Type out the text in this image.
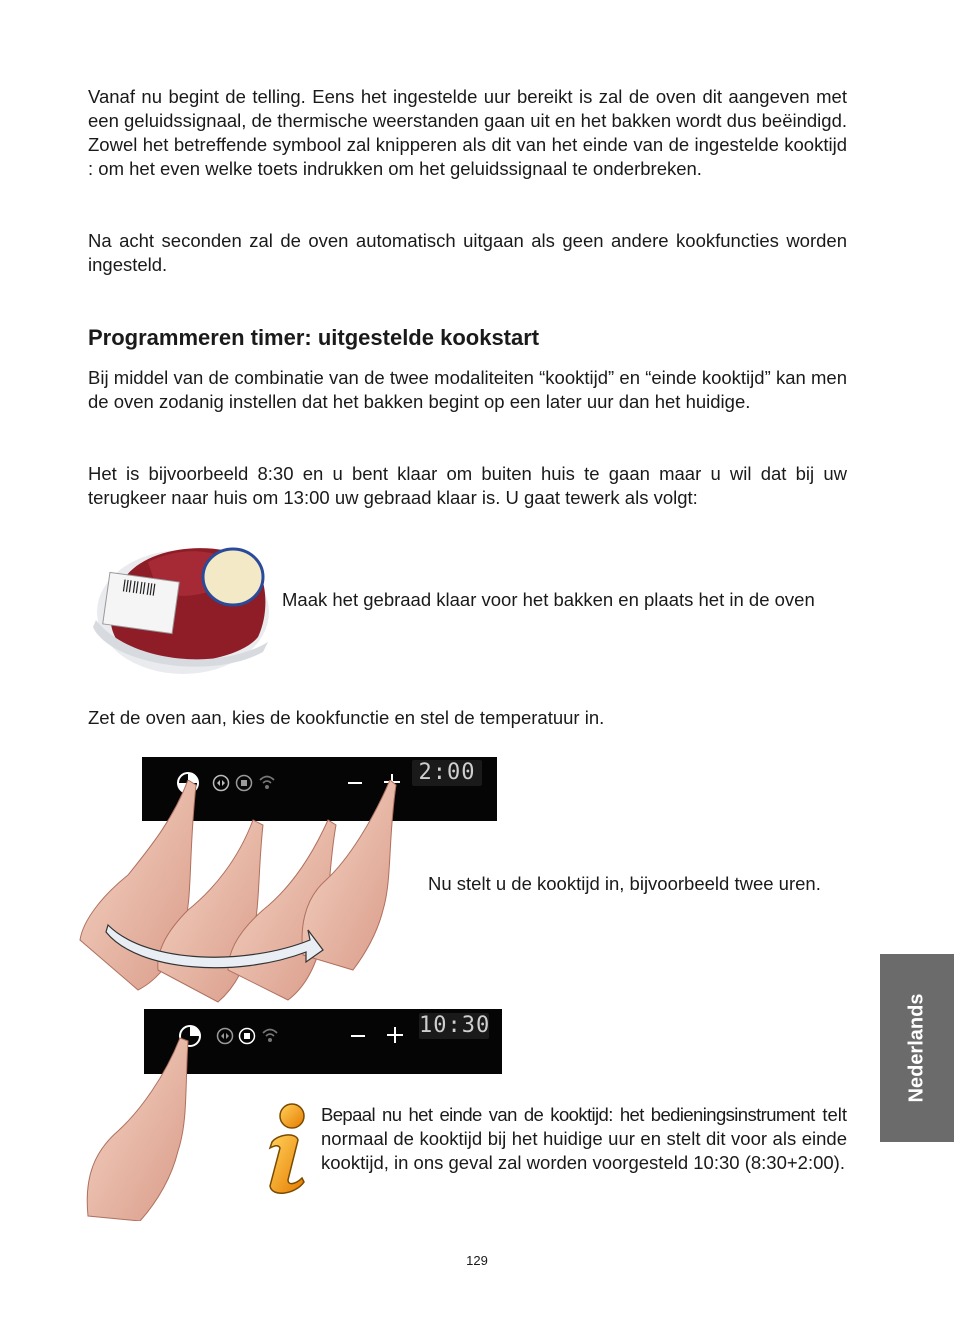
Vanaf nu begint de telling. Eens het ingestelde uur bereikt is zal de oven dit aangeven met een geluidssignaal, de thermische weerstanden gaan uit en het bakken wordt dus beëindigd. Zowel het betreffende symbool zal knipperen als dit van het einde van de ingestelde kooktijd : om het even welke toets indrukken om het geluidssignaal te onderbreken.

Na acht seconden zal de oven automatisch uitgaan als geen andere kookfuncties worden ingesteld.

Programmeren timer: uitgestelde kookstart

Bij middel van de combinatie van de twee modaliteiten “kooktijd” en “einde kooktijd” kan men de oven zodanig instellen dat het bakken begint op een later uur dan het huidige.

Het is bijvoorbeeld 8:30 en u bent klaar om buiten huis te gaan maar u wil dat bij uw terugkeer naar huis om 13:00 uw gebraad klaar is. U gaat tewerk als volgt:

Maak het gebraad klaar voor het bakken en plaats het in de oven

Zet de oven aan, kies de kookfunctie en stel de temperatuur in.

2:00

Nu stelt u de kooktijd in, bijvoorbeeld twee uren.

10:30

Bepaal nu het einde van de kooktijd: het bedieningsinstrument telt normaal de kooktijd bij het huidige uur en stelt dit voor als einde kooktijd, in ons geval zal worden voorgesteld 10:30 (8:30+2:00).

Nederlands
129
